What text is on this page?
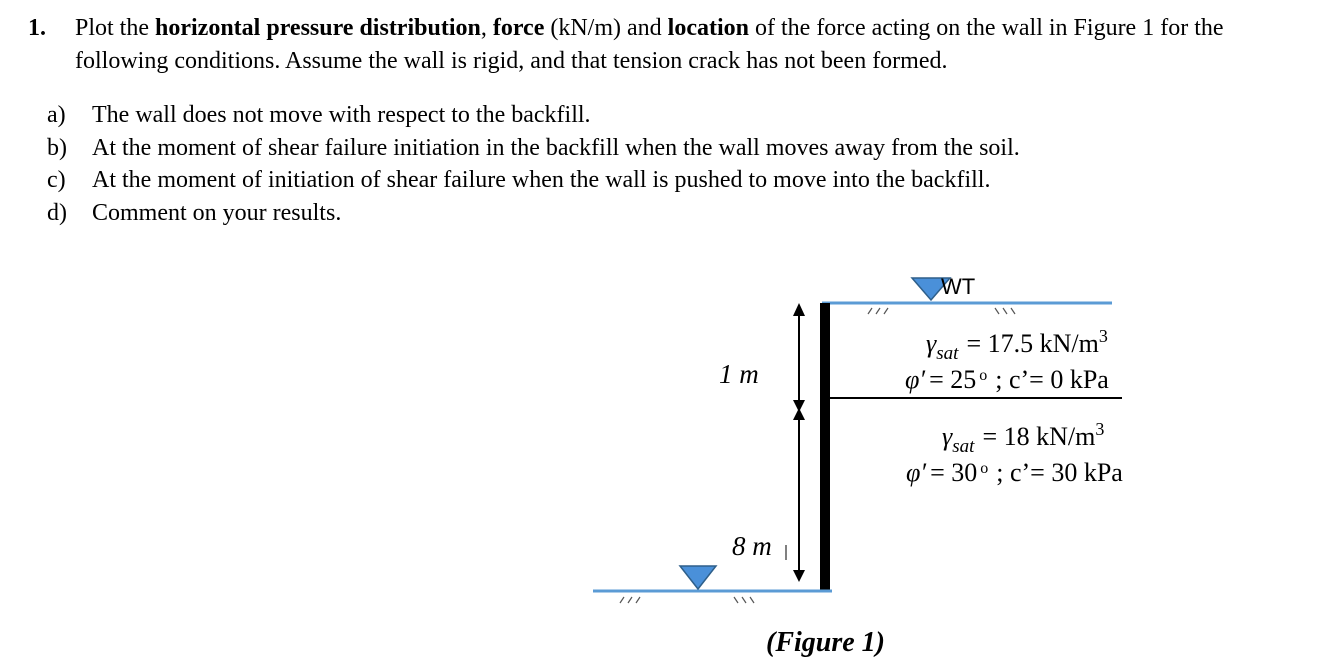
1. Plot the horizontal pressure distribution, force (kN/m) and location of the force acting on the wall in Figure 1 for the following conditions. Assume the wall is rigid, and that tension crack has not been formed.
a)	The wall does not move with respect to the backfill.
b)	At the moment of shear failure initiation in the backfill when the wall moves away from the soil.
c)	At the moment of initiation of shear failure when the wall is pushed to move into the backfill.
d)	Comment on your results.
WT
1 m
8 m
$\gamma_{sat} = 17.5$ $kN/m^3$
φ′ = 25 $^o$ ; c’= 0 kPa
$\gamma_{sat} = 18$ $kN/m^3$
φ′ = 30 $^o$ ; c’= 30 kPa
(Figure 1)
